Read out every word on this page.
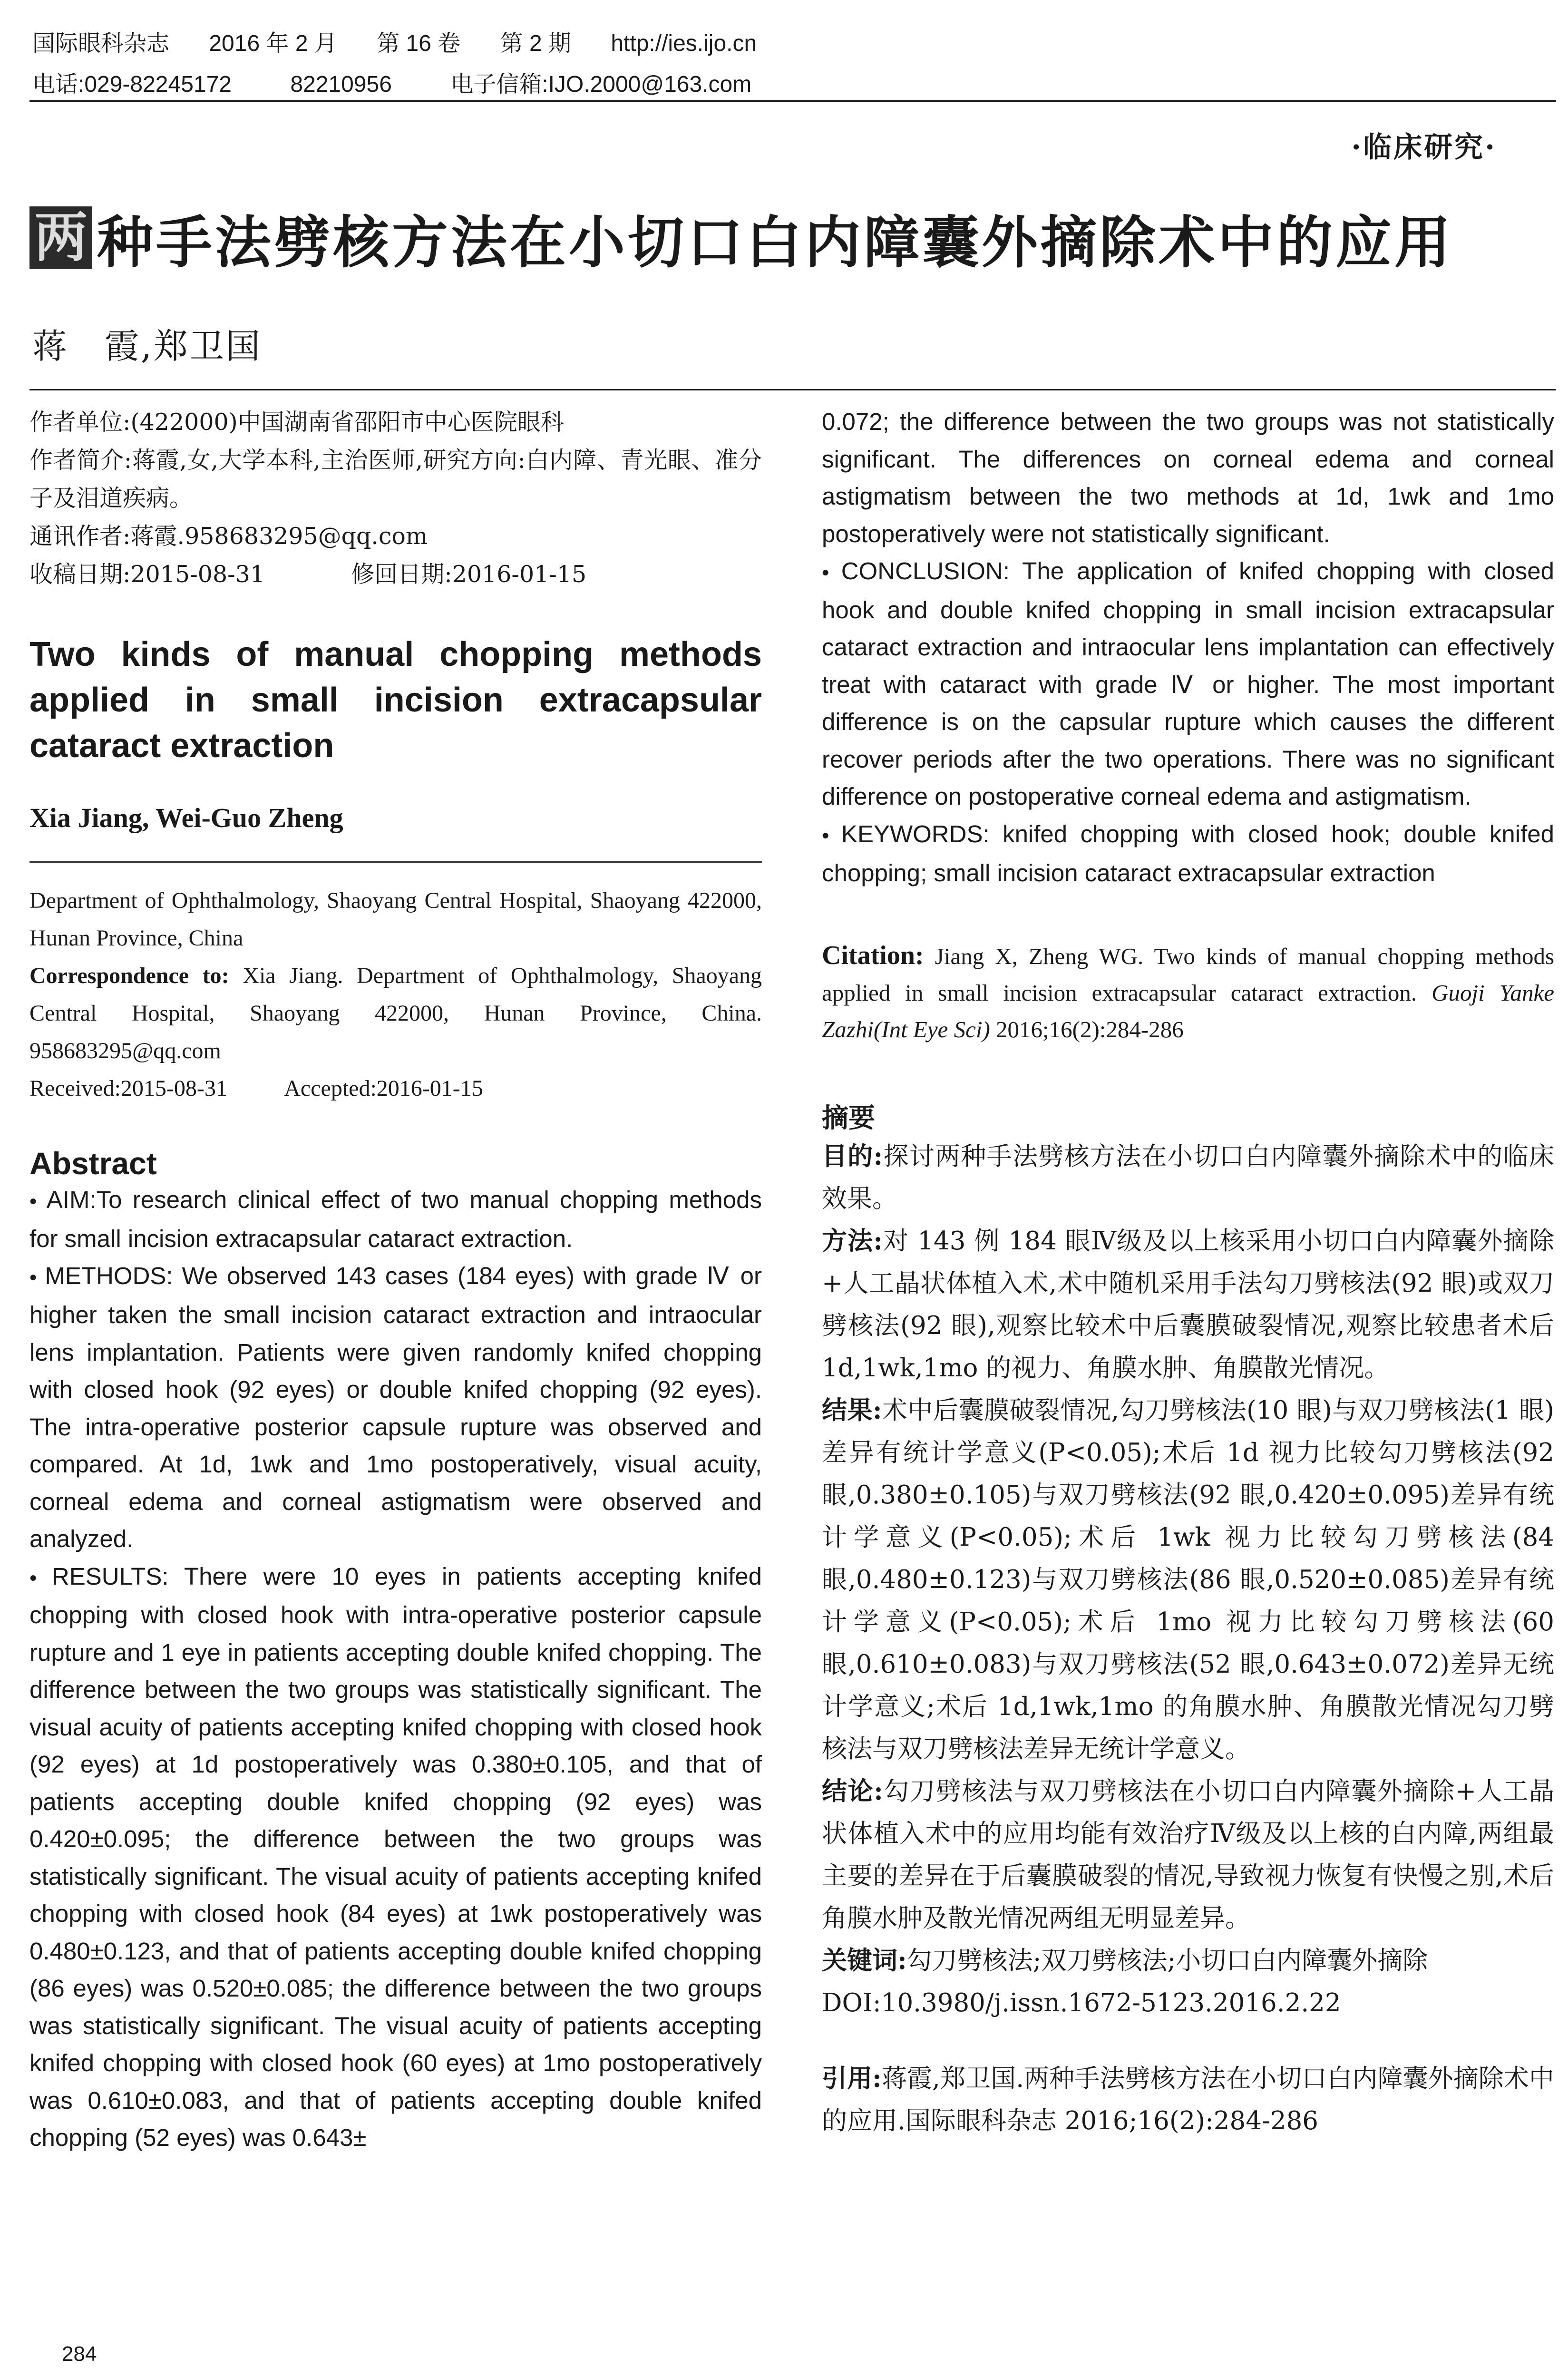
国际眼科杂志 2016 年 2 月 第 16 卷 第 2 期 http://ies.ijo.cn
电话:029-82245172	82210956	电子信箱:IJO.2000@163.com
·临床研究·
两 种手法劈核方法在小切口白内障囊外摘除术中的应用
蒋　霞,郑卫国
作者单位:(422000)中国湖南省邵阳市中心医院眼科
作者简介:蒋霞,女,大学本科,主治医师,研究方向:白内障、青光眼、准分子及泪道疾病。
通讯作者:蒋霞.958683295@qq.com
收稿日期:2015-08-31	修回日期:2016-01-15
Two kinds of manual chopping methods applied in small incision extracapsular cataract extraction
Xia Jiang, Wei-Guo Zheng
Department of Ophthalmology, Shaoyang Central Hospital, Shaoyang 422000, Hunan Province, China
Correspondence to: Xia Jiang. Department of Ophthalmology, Shaoyang Central Hospital, Shaoyang 422000, Hunan Province, China. 958683295@qq.com
Received:2015-08-31 Accepted:2016-01-15
Abstract

• AIM:To research clinical effect of two manual chopping methods for small incision extracapsular cataract extraction.

• METHODS: We observed 143 cases (184 eyes) with grade Ⅳ or higher taken the small incision cataract extraction and intraocular lens implantation. Patients were given randomly knifed chopping with closed hook (92 eyes) or double knifed chopping (92 eyes). The intra-operative posterior capsule rupture was observed and compared. At 1d, 1wk and 1mo postoperatively, visual acuity, corneal edema and corneal astigmatism were observed and analyzed.

• RESULTS: There were 10 eyes in patients accepting knifed chopping with closed hook with intra-operative posterior capsule rupture and 1 eye in patients accepting double knifed chopping. The difference between the two groups was statistically significant. The visual acuity of patients accepting knifed chopping with closed hook (92 eyes) at 1d postoperatively was 0.380±0.105, and that of patients accepting double knifed chopping (92 eyes) was 0.420±0.095; the difference between the two groups was statistically significant. The visual acuity of patients accepting knifed chopping with closed hook (84 eyes) at 1wk postoperatively was 0.480±0.123, and that of patients accepting double knifed chopping (86 eyes) was 0.520±0.085; the difference between the two groups was statistically significant. The visual acuity of patients accepting knifed chopping with closed hook (60 eyes) at 1mo postoperatively was 0.610±0.083, and that of patients accepting double knifed chopping (52 eyes) was 0.643±

0.072; the difference between the two groups was not statistically significant. The differences on corneal edema and corneal astigmatism between the two methods at 1d, 1wk and 1mo postoperatively were not statistically significant.

• CONCLUSION: The application of knifed chopping with closed hook and double knifed chopping in small incision extracapsular cataract extraction and intraocular lens implantation can effectively treat with cataract with grade Ⅳ or higher. The most important difference is on the capsular rupture which causes the different recover periods after the two operations. There was no significant difference on postoperative corneal edema and astigmatism.

• KEYWORDS: knifed chopping with closed hook; double knifed chopping; small incision cataract extracapsular extraction

Citation: Jiang X, Zheng WG. Two kinds of manual chopping methods applied in small incision extracapsular cataract extraction. Guoji Yanke Zazhi(Int Eye Sci) 2016;16(2):284-286
摘要

目的:探讨两种手法劈核方法在小切口白内障囊外摘除术中的临床效果。

方法:对 143 例 184 眼Ⅳ级及以上核采用小切口白内障囊外摘除+人工晶状体植入术,术中随机采用手法勾刀劈核法(92 眼)或双刀劈核法(92 眼),观察比较术中后囊膜破裂情况,观察比较患者术后 1d,1wk,1mo 的视力、角膜水肿、角膜散光情况。

结果:术中后囊膜破裂情况,勾刀劈核法(10 眼)与双刀劈核法(1 眼)差异有统计学意义(P<0.05);术后 1d 视力比较勾刀劈核法(92 眼,0.380±0.105)与双刀劈核法(92 眼,0.420±0.095)差异有统计学意义(P<0.05);术后 1wk 视力比较勾刀劈核法(84 眼,0.480±0.123)与双刀劈核法(86 眼,0.520±0.085)差异有统计学意义(P<0.05);术后 1mo 视力比较勾刀劈核法(60 眼,0.610±0.083)与双刀劈核法(52 眼,0.643±0.072)差异无统计学意义;术后 1d,1wk,1mo 的角膜水肿、角膜散光情况勾刀劈核法与双刀劈核法差异无统计学意义。

结论:勾刀劈核法与双刀劈核法在小切口白内障囊外摘除+人工晶状体植入术中的应用均能有效治疗Ⅳ级及以上核的白内障,两组最主要的差异在于后囊膜破裂的情况,导致视力恢复有快慢之别,术后角膜水肿及散光情况两组无明显差异。

关键词:勾刀劈核法;双刀劈核法;小切口白内障囊外摘除

DOI:10.3980/j.issn.1672-5123.2016.2.22

引用:蒋霞,郑卫国.两种手法劈核方法在小切口白内障囊外摘除术中的应用.国际眼科杂志 2016;16(2):284-286

284
